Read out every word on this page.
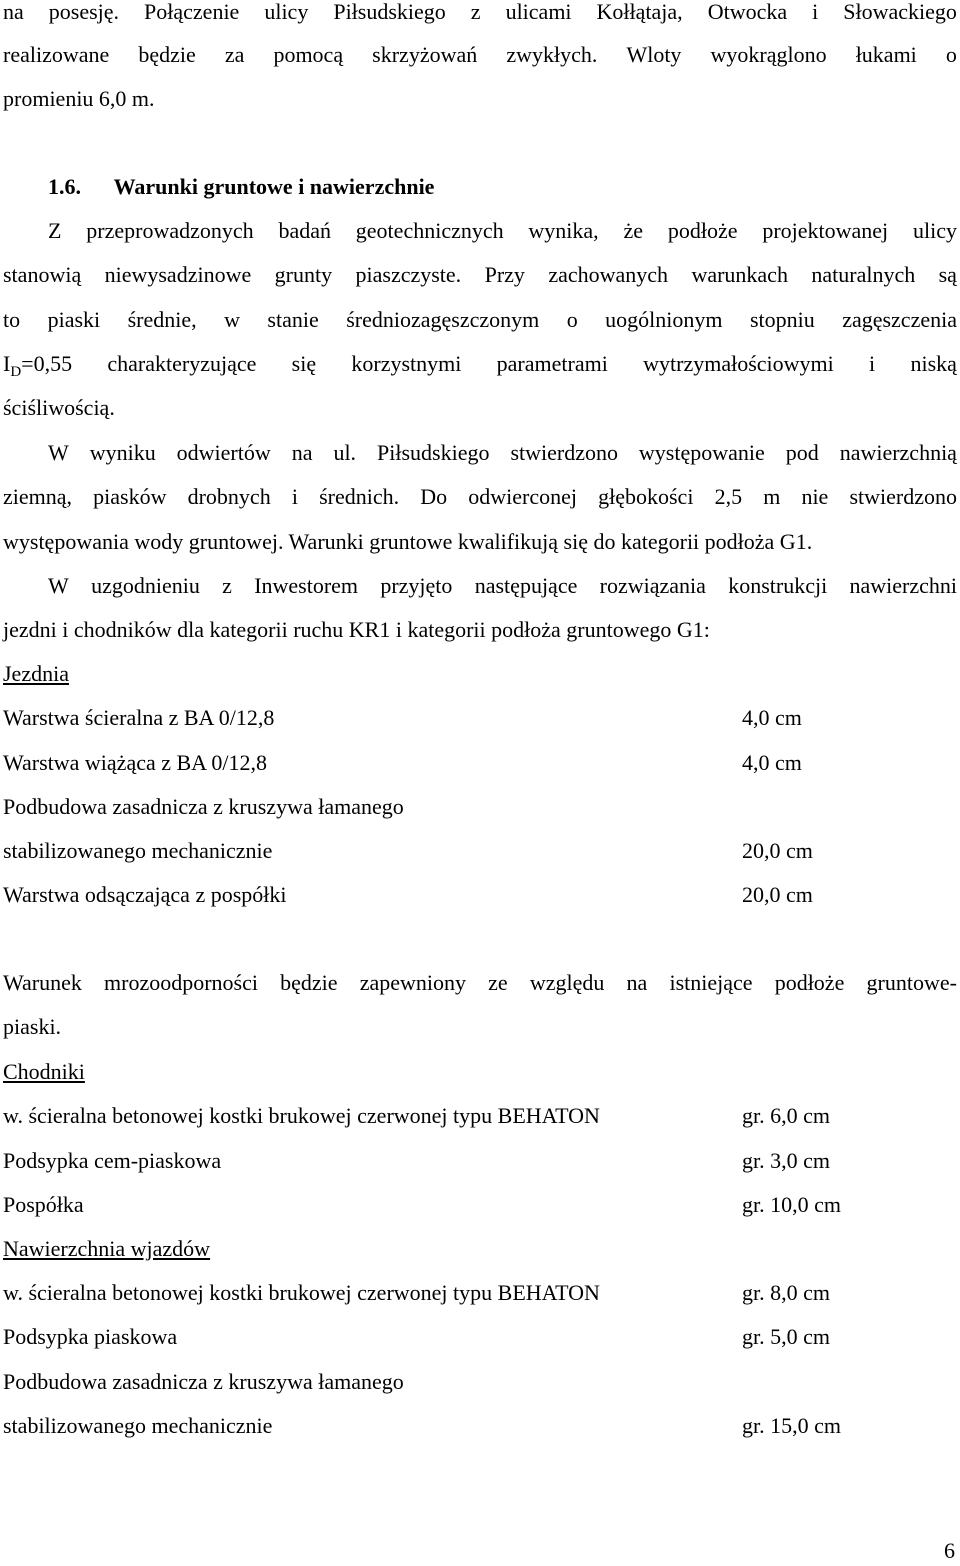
na posesję. Połączenie ulicy Piłsudskiego z ulicami Kołłątaja, Otwocka i Słowackiego
realizowane będzie za pomocą skrzyżowań zwykłych. Wloty wyokrąglono łukami o
promieniu 6,0 m.
1.6. Warunki gruntowe i nawierzchnie
Z przeprowadzonych badań geotechnicznych wynika, że podłoże projektowanej ulicy
stanowią niewysadzinowe grunty piaszczyste. Przy zachowanych warunkach naturalnych są
to piaski średnie, w stanie średniozagęszczonym o uogólnionym stopniu zagęszczenia
$I_D =0,55$ charakteryzujące się korzystnymi parametrami wytrzymałościowymi i niską
ściśliwością.
W wyniku odwiertów na ul. Piłsudskiego stwierdzono występowanie pod nawierzchnią
ziemną, piasków drobnych i średnich. Do odwierconej głębokości 2,5 m nie stwierdzono
występowania wody gruntowej. Warunki gruntowe kwalifikują się do kategorii podłoża G1.
W uzgodnieniu z Inwestorem przyjęto następujące rozwiązania konstrukcji nawierzchni
jezdni i chodników dla kategorii ruchu KR1 i kategorii podłoża gruntowego G1:
Jezdnia
Warstwa ścieralna z BA 0/12,8	4,0 cm
Warstwa wiążąca z BA 0/12,8	4,0 cm
Podbudowa zasadnicza z kruszywa łamanego
stabilizowanego mechanicznie	20,0 cm
Warstwa odsączająca z pospółki	20,0 cm
Warunek mrozoodporności będzie zapewniony ze względu na istniejące podłoże gruntowe-
piaski.
Chodniki
w. ścieralna betonowej kostki brukowej czerwonej typu BEHATON	gr. 6,0 cm
Podsypka cem-piaskowa	gr. 3,0 cm
Pospółka	gr. 10,0 cm
Nawierzchnia wjazdów
w. ścieralna betonowej kostki brukowej czerwonej typu BEHATON	gr. 8,0 cm
Podsypka piaskowa	gr. 5,0 cm
Podbudowa zasadnicza z kruszywa łamanego
stabilizowanego mechanicznie	gr. 15,0 cm
6
